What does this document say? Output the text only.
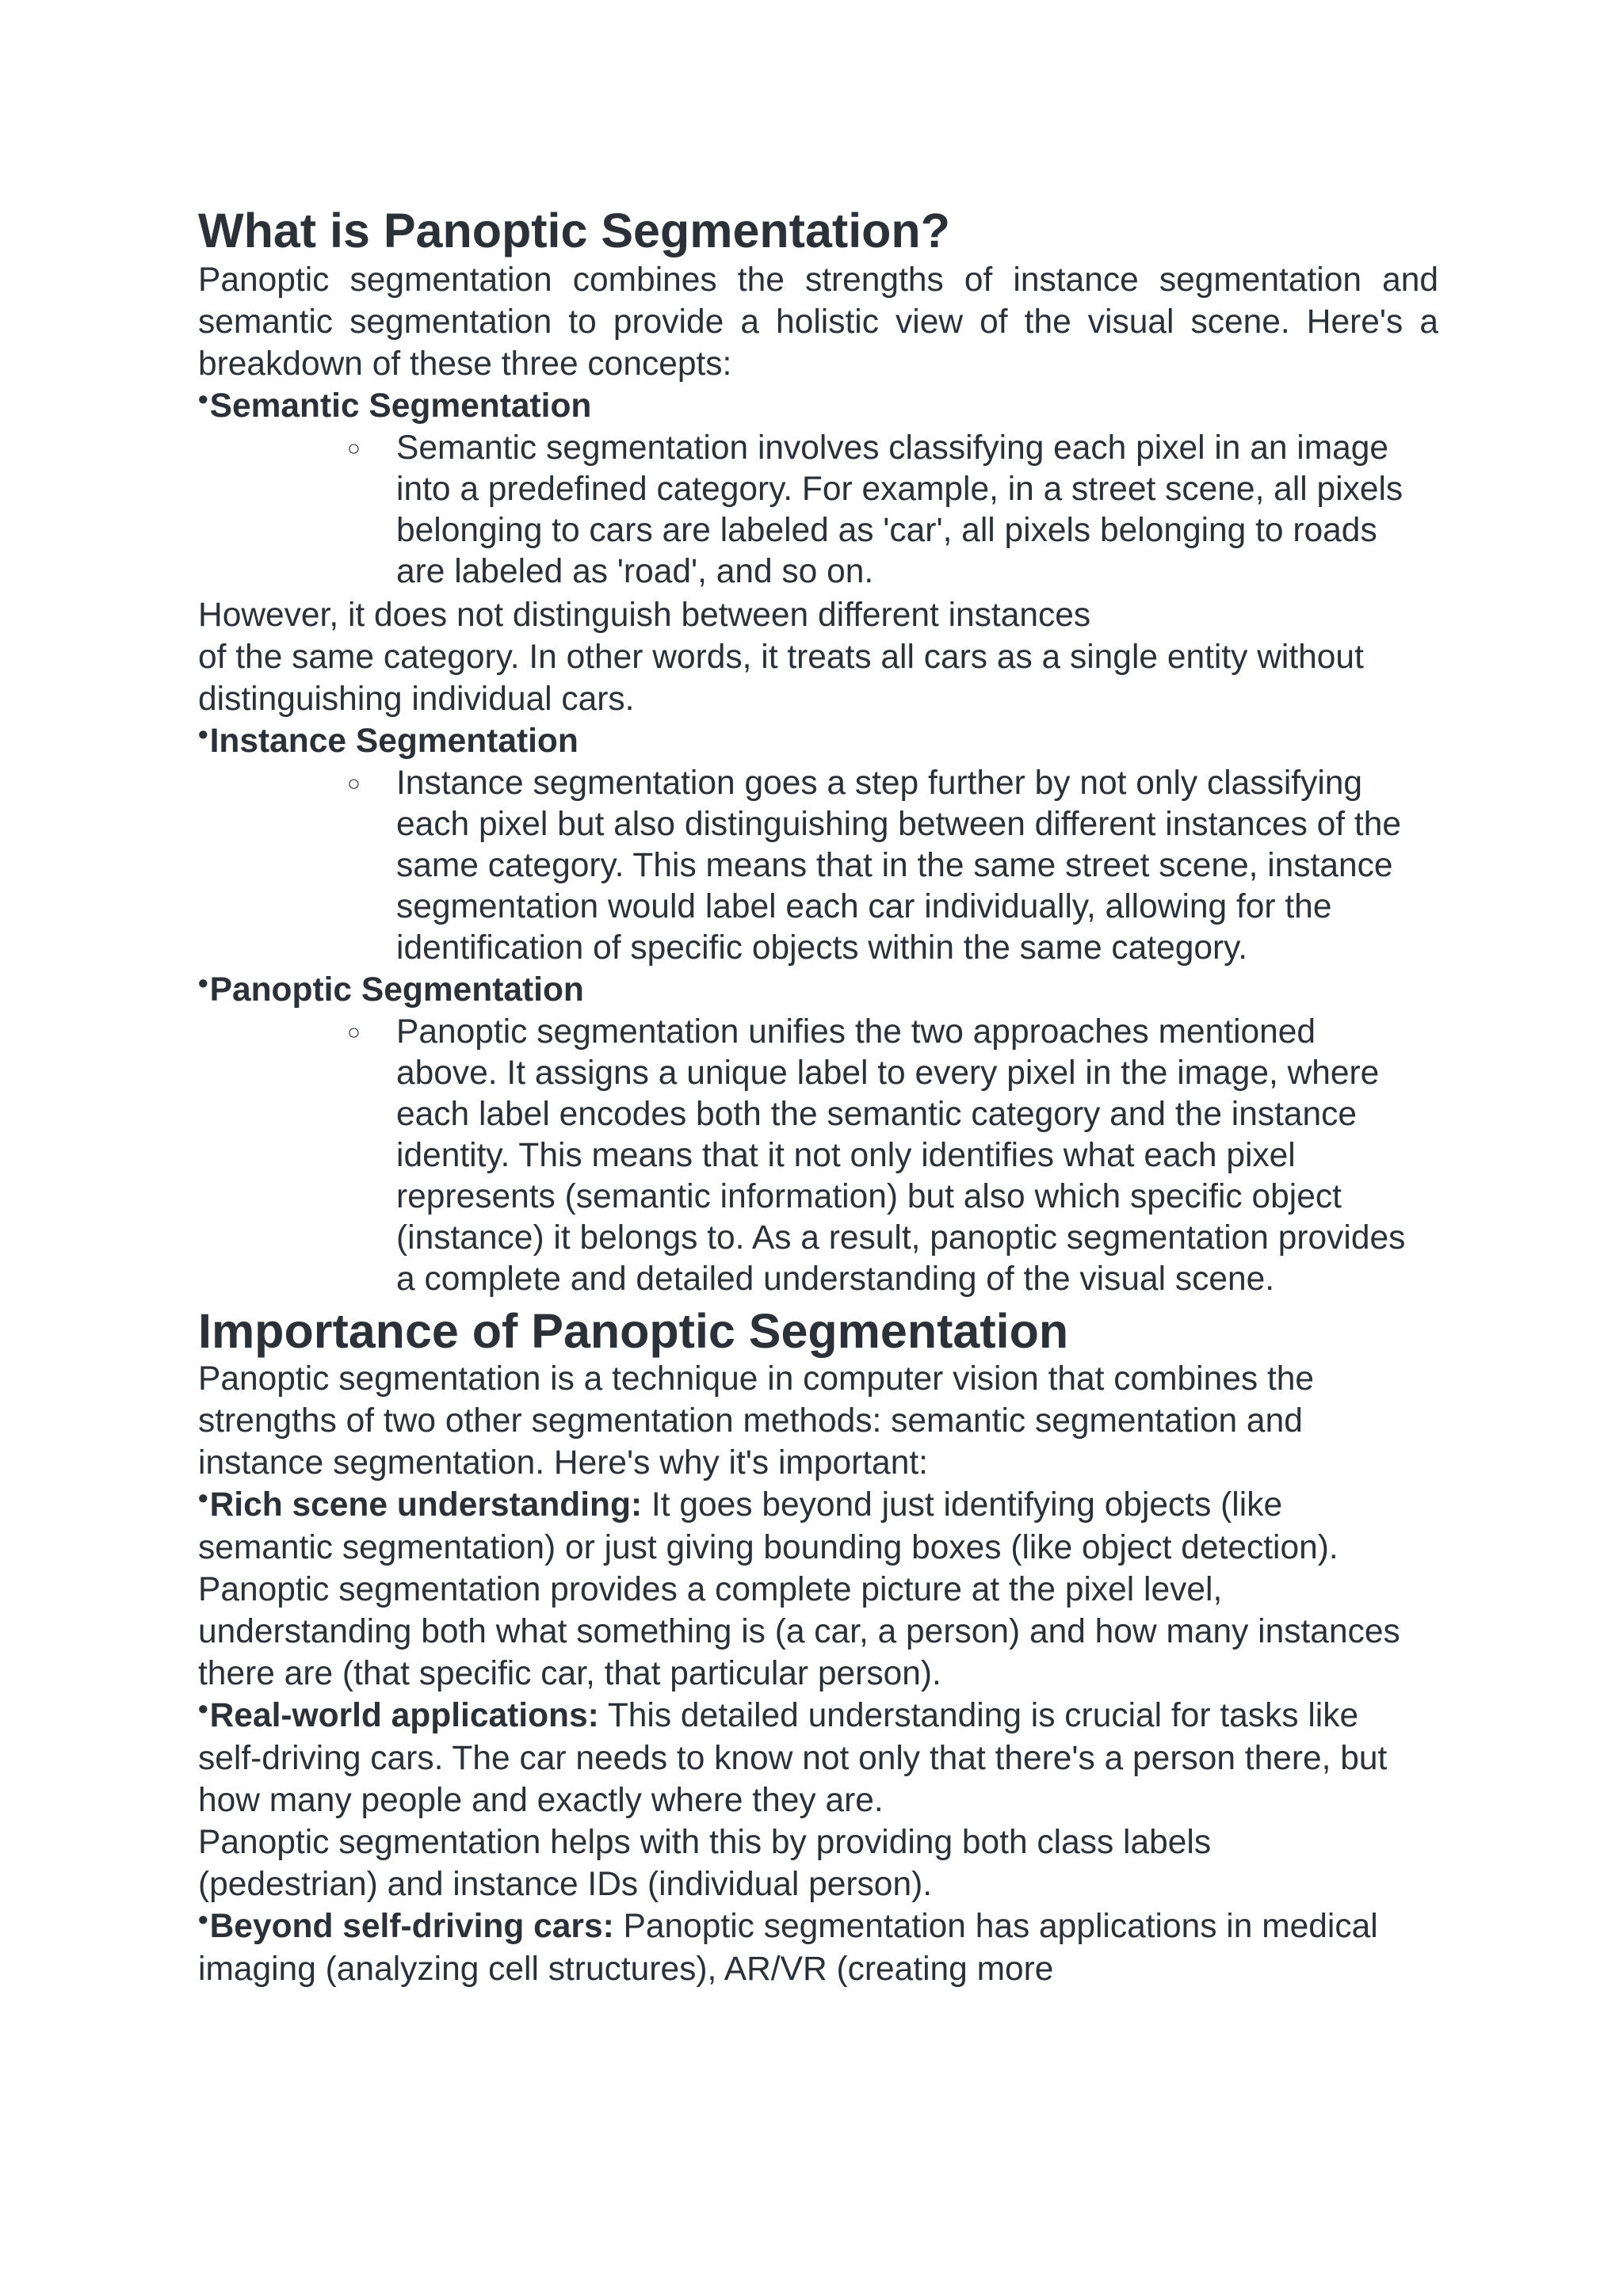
What is Panoptic Segmentation?

Panoptic segmentation combines the strengths of instance segmentation and semantic segmentation to provide a holistic view of the visual scene. Here's a breakdown of these three concepts:

•Semantic Segmentation
○ Semantic segmentation involves classifying each pixel in an image into a predefined category. For example, in a street scene, all pixels belonging to cars are labeled as 'car', all pixels belonging to roads are labeled as 'road', and so on.

However, it does not distinguish between different instances

of the same category. In other words, it treats all cars as a single entity without distinguishing individual cars.

•Instance Segmentation
○ Instance segmentation goes a step further by not only classifying each pixel but also distinguishing between different instances of the same category. This means that in the same street scene, instance segmentation would label each car individually, allowing for the identification of specific objects within the same category.
•Panoptic Segmentation
○ Panoptic segmentation unifies the two approaches mentioned above. It assigns a unique label to every pixel in the image, where each label encodes both the semantic category and the instance identity. This means that it not only identifies what each pixel represents (semantic information) but also which specific object (instance) it belongs to. As a result, panoptic segmentation provides a complete and detailed understanding of the visual scene.
Importance of Panoptic Segmentation

Panoptic segmentation is a technique in computer vision that combines the strengths of two other segmentation methods: semantic segmentation and instance segmentation. Here's why it's important:

•Rich scene understanding: It goes beyond just identifying objects (like semantic segmentation) or just giving bounding boxes (like object detection). Panoptic segmentation provides a complete picture at the pixel level, understanding both what something is (a car, a person) and how many instances there are (that specific car, that particular person).

•Real-world applications: This detailed understanding is crucial for tasks like self-driving cars. The car needs to know not only that there's a person there, but how many people and exactly where they are.

Panoptic segmentation helps with this by providing both class labels (pedestrian) and instance IDs (individual person).

•Beyond self-driving cars: Panoptic segmentation has applications in medical imaging (analyzing cell structures), AR/VR (creating more
